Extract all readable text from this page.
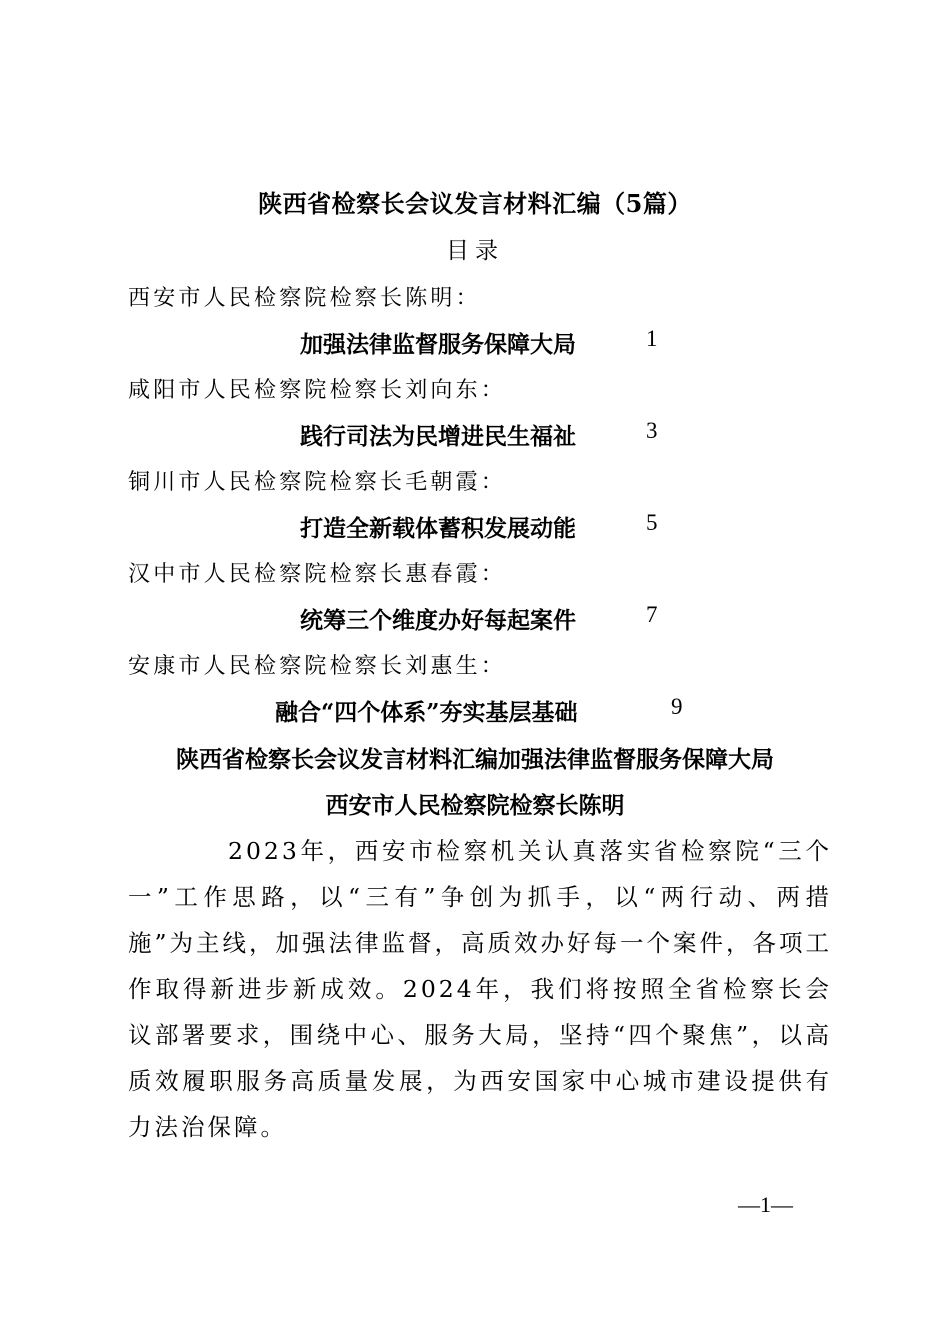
陕西省检察长会议发言材料汇编（5篇）
目录
西安市人民检察院检察长陈明：
加强法律监督服务保障大局	1
咸阳市人民检察院检察长刘向东：
践行司法为民增进民生福祉	3
铜川市人民检察院检察长毛朝霞：
打造全新载体蓄积发展动能	5
汉中市人民检察院检察长惠春霞：
统筹三个维度办好每起案件	7
安康市人民检察院检察长刘惠生：
融合“四个体系”夯实基层基础	9
陕西省检察长会议发言材料汇编加强法律监督服务保障大局
西安市人民检察院检察长陈明
2023年，西安市检察机关认真落实省检察院“三个一”工作思路，以“三有”争创为抓手，以“两行动、两措施”为主线，加强法律监督，高质效办好每一个案件，各项工作取得新进步新成效。2024年，我们将按照全省检察长会议部署要求，围绕中心、服务大局，坚持“四个聚焦”，以高质效履职服务高质量发展，为西安国家中心城市建设提供有力法治保障。
—1—
